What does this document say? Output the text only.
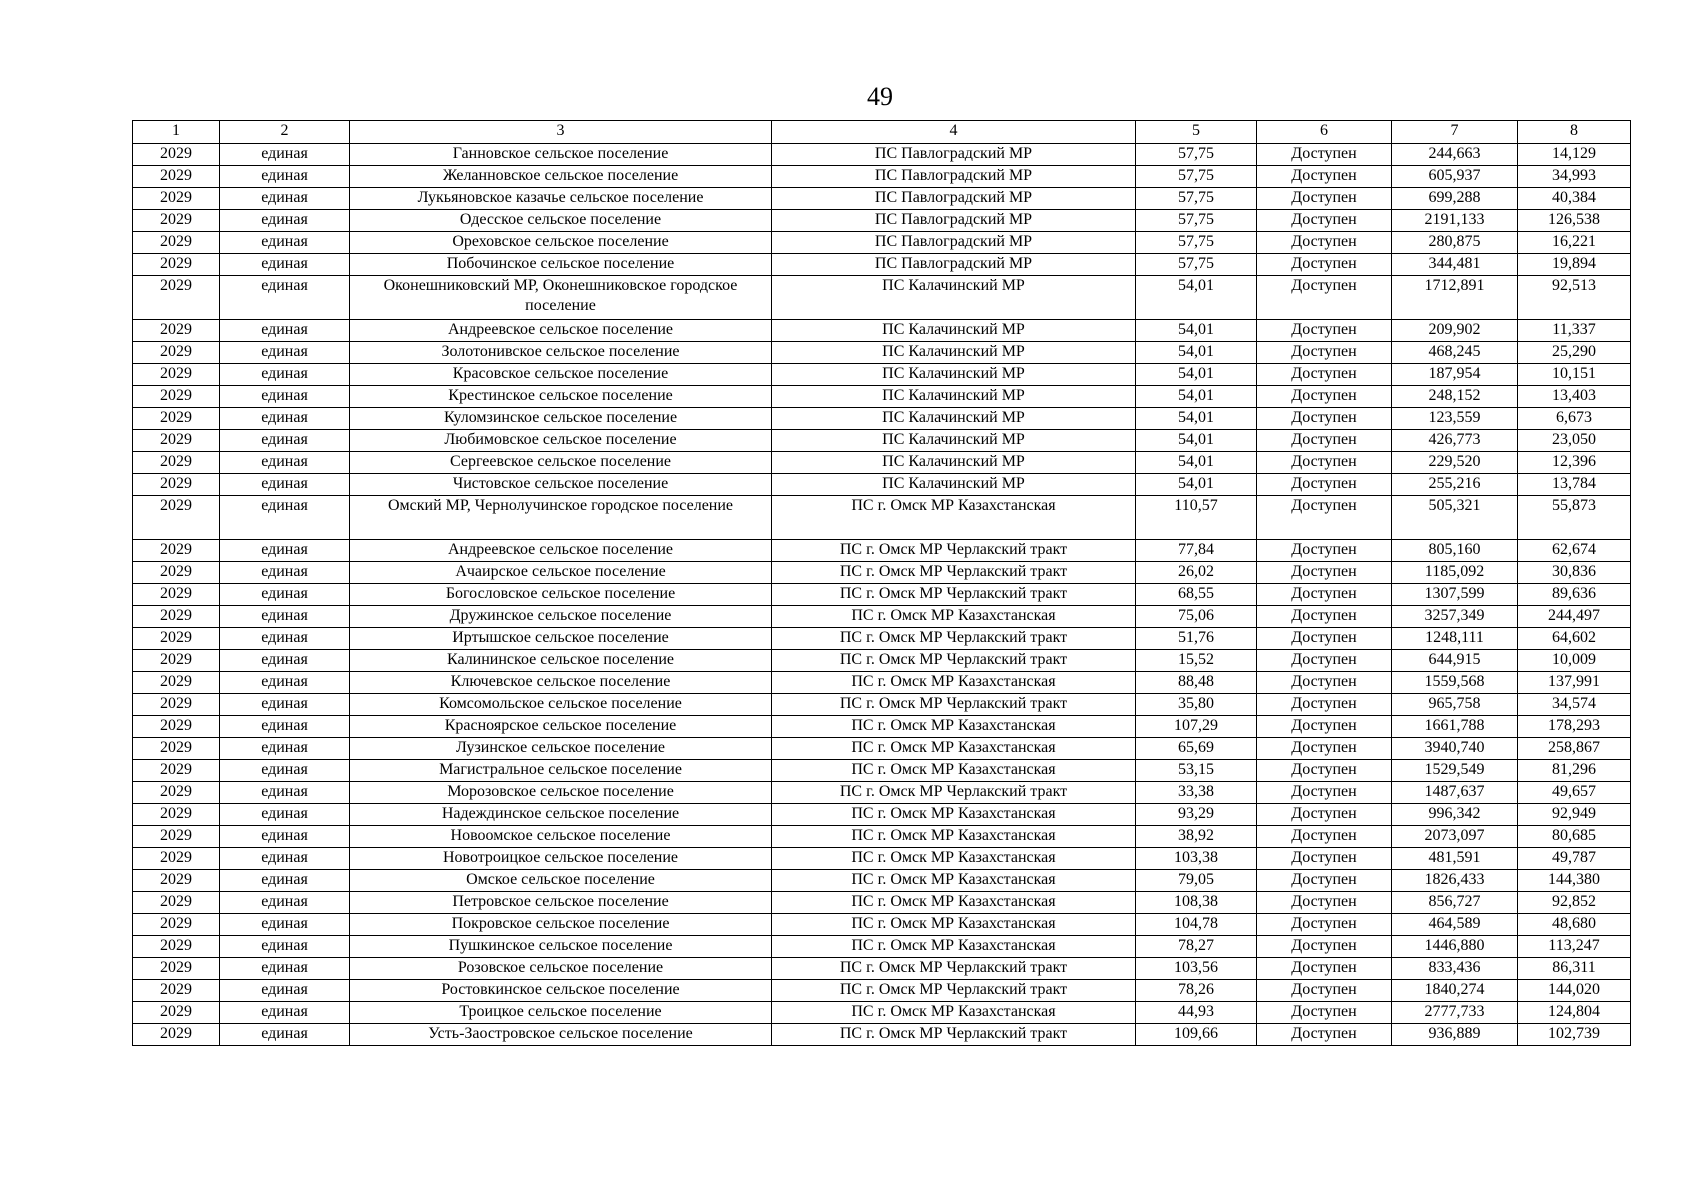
49
1	2	3	4	5	6	7	8
2029	единая	Ганновское сельское поселение	ПС Павлоградский МР	57,75	Доступен	244,663	14,129
2029	единая	Желанновское сельское поселение	ПС Павлоградский МР	57,75	Доступен	605,937	34,993
2029	единая	Лукьяновское казачье сельское поселение	ПС Павлоградский МР	57,75	Доступен	699,288	40,384
2029	единая	Одесское сельское поселение	ПС Павлоградский МР	57,75	Доступен	2191,133	126,538
2029	единая	Ореховское сельское поселение	ПС Павлоградский МР	57,75	Доступен	280,875	16,221
2029	единая	Побочинское сельское поселение	ПС Павлоградский МР	57,75	Доступен	344,481	19,894
2029	единая	Оконешниковский МР, Оконешниковское городское поселение	ПС Калачинский МР	54,01	Доступен	1712,891	92,513
2029	единая	Андреевское сельское поселение	ПС Калачинский МР	54,01	Доступен	209,902	11,337
2029	единая	Золотонивское сельское поселение	ПС Калачинский МР	54,01	Доступен	468,245	25,290
2029	единая	Красовское сельское поселение	ПС Калачинский МР	54,01	Доступен	187,954	10,151
2029	единая	Крестинское сельское поселение	ПС Калачинский МР	54,01	Доступен	248,152	13,403
2029	единая	Куломзинское сельское поселение	ПС Калачинский МР	54,01	Доступен	123,559	6,673
2029	единая	Любимовское сельское поселение	ПС Калачинский МР	54,01	Доступен	426,773	23,050
2029	единая	Сергеевское сельское поселение	ПС Калачинский МР	54,01	Доступен	229,520	12,396
2029	единая	Чистовское сельское поселение	ПС Калачинский МР	54,01	Доступен	255,216	13,784
2029	единая	Омский МР, Чернолучинское городское поселение	ПС г. Омск МР Казахстанская	110,57	Доступен	505,321	55,873
2029	единая	Андреевское сельское поселение	ПС г. Омск МР Черлакский тракт	77,84	Доступен	805,160	62,674
2029	единая	Ачаирское сельское поселение	ПС г. Омск МР Черлакский тракт	26,02	Доступен	1185,092	30,836
2029	единая	Богословское сельское поселение	ПС г. Омск МР Черлакский тракт	68,55	Доступен	1307,599	89,636
2029	единая	Дружинское сельское поселение	ПС г. Омск МР Казахстанская	75,06	Доступен	3257,349	244,497
2029	единая	Иртышское сельское поселение	ПС г. Омск МР Черлакский тракт	51,76	Доступен	1248,111	64,602
2029	единая	Калининское сельское поселение	ПС г. Омск МР Черлакский тракт	15,52	Доступен	644,915	10,009
2029	единая	Ключевское сельское поселение	ПС г. Омск МР Казахстанская	88,48	Доступен	1559,568	137,991
2029	единая	Комсомольское сельское поселение	ПС г. Омск МР Черлакский тракт	35,80	Доступен	965,758	34,574
2029	единая	Красноярское сельское поселение	ПС г. Омск МР Казахстанская	107,29	Доступен	1661,788	178,293
2029	единая	Лузинское сельское поселение	ПС г. Омск МР Казахстанская	65,69	Доступен	3940,740	258,867
2029	единая	Магистральное сельское поселение	ПС г. Омск МР Казахстанская	53,15	Доступен	1529,549	81,296
2029	единая	Морозовское сельское поселение	ПС г. Омск МР Черлакский тракт	33,38	Доступен	1487,637	49,657
2029	единая	Надеждинское сельское поселение	ПС г. Омск МР Казахстанская	93,29	Доступен	996,342	92,949
2029	единая	Новоомское сельское поселение	ПС г. Омск МР Казахстанская	38,92	Доступен	2073,097	80,685
2029	единая	Новотроицкое сельское поселение	ПС г. Омск МР Казахстанская	103,38	Доступен	481,591	49,787
2029	единая	Омское сельское поселение	ПС г. Омск МР Казахстанская	79,05	Доступен	1826,433	144,380
2029	единая	Петровское сельское поселение	ПС г. Омск МР Казахстанская	108,38	Доступен	856,727	92,852
2029	единая	Покровское сельское поселение	ПС г. Омск МР Казахстанская	104,78	Доступен	464,589	48,680
2029	единая	Пушкинское сельское поселение	ПС г. Омск МР Казахстанская	78,27	Доступен	1446,880	113,247
2029	единая	Розовское сельское поселение	ПС г. Омск МР Черлакский тракт	103,56	Доступен	833,436	86,311
2029	единая	Ростовкинское сельское поселение	ПС г. Омск МР Черлакский тракт	78,26	Доступен	1840,274	144,020
2029	единая	Троицкое сельское поселение	ПС г. Омск МР Казахстанская	44,93	Доступен	2777,733	124,804
2029	единая	Усть-Заостровское сельское поселение	ПС г. Омск МР Черлакский тракт	109,66	Доступен	936,889	102,739
